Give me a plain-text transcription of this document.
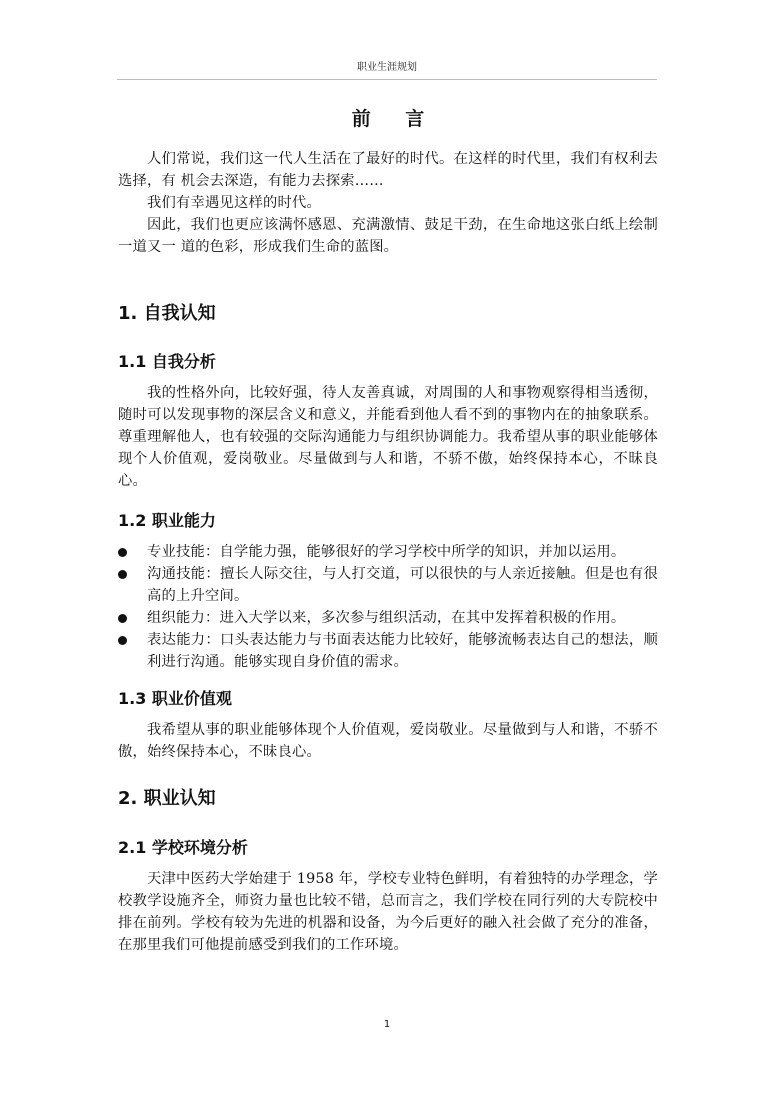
职业生涯规划
前 言

人们常说，我们这一代人生活在了最好的时代。在这样的时代里，我们有权利去选择，有 机会去深造，有能力去探索……

我们有幸遇见这样的时代。

因此，我们也更应该满怀感恩、充满激情、鼓足干劲，在生命地这张白纸上绘制一道又一 道的色彩，形成我们生命的蓝图。

1. 自我认知
1.1 自我分析

我的性格外向，比较好强，待人友善真诚，对周围的人和事物观察得相当透彻，随时可以发现事物的深层含义和意义，并能看到他人看不到的事物内在的抽象联系。 尊重理解他人，也有较强的交际沟通能力与组织协调能力。我希望从事的职业能够体现个人价值观，爱岗敬业。尽量做到与人和谐，不骄不傲，始终保持本心，不昧良心。

1.2 职业能力
专业技能：自学能力强，能够很好的学习学校中所学的知识，并加以运用。
沟通技能：擅长人际交往，与人打交道，可以很快的与人亲近接触。但是也有很高的上升空间。
组织能力：进入大学以来，多次参与组织活动，在其中发挥着积极的作用。
表达能力：口头表达能力与书面表达能力比较好，能够流畅表达自己的想法，顺利进行沟通。能够实现自身价值的需求。
1.3 职业价值观

我希望从事的职业能够体现个人价值观，爱岗敬业。尽量做到与人和谐，不骄不傲，始终保持本心，不昧良心。

2. 职业认知
2.1 学校环境分析

天津中医药大学始建于 1958 年，学校专业特色鲜明，有着独特的办学理念，学校教学设施齐全，师资力量也比较不错，总而言之，我们学校在同行列的大专院校中排在前列。学校有较为先进的机器和设备，为今后更好的融入社会做了充分的准备，在那里我们可他提前感受到我们的工作环境。

1
